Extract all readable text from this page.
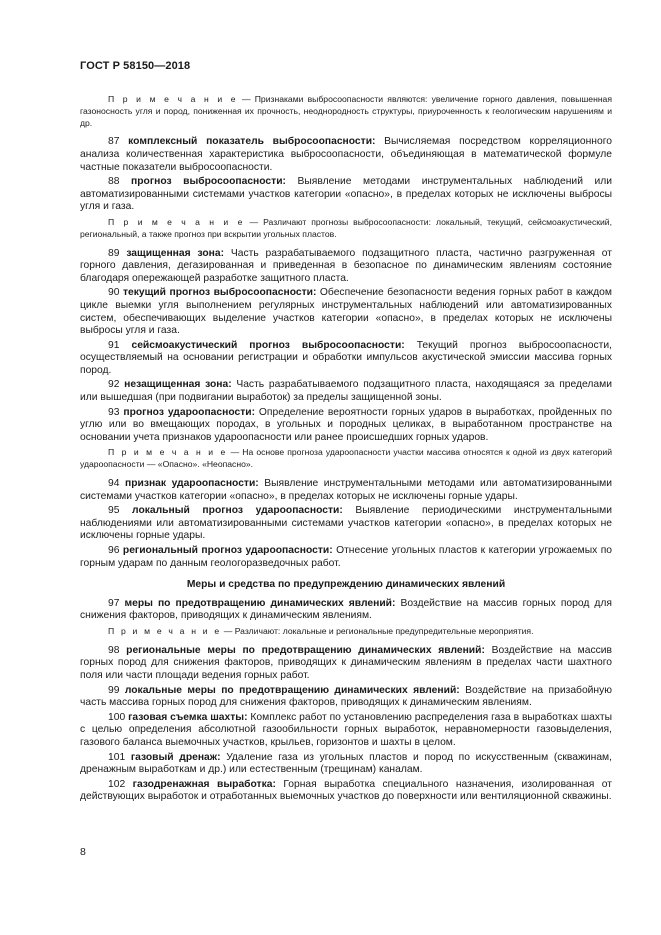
ГОСТ Р 58150—2018

П р и м е ч а н и е — Признаками выбросоопасности являются: увеличение горного давления, повышенная газоносность угля и пород, пониженная их прочность, неоднородность структуры, приуроченность к геологическим нарушениям и др.

87 комплексный показатель выбросоопасности: Вычисляемая посредством корреляционного анализа количественная характеристика выбросоопасности, объединяющая в математической формуле частные показатели выбросоопасности.

88 прогноз выбросоопасности: Выявление методами инструментальных наблюдений или автоматизированными системами участков категории «опасно», в пределах которых не исключены выбросы угля и газа.

П р и м е ч а н и е — Различают прогнозы выбросоопасности: локальный, текущий, сейсмоакустический, региональный, а также прогноз при вскрытии угольных пластов.

89 защищенная зона: Часть разрабатываемого подзащитного пласта, частично разгруженная от горного давления, дегазированная и приведенная в безопасное по динамическим явлениям состояние благодаря опережающей разработке защитного пласта.

90 текущий прогноз выбросоопасности: Обеспечение безопасности ведения горных работ в каждом цикле выемки угля выполнением регулярных инструментальных наблюдений или автоматизированных систем, обеспечивающих выделение участков категории «опасно», в пределах которых не исключены выбросы угля и газа.

91 сейсмоакустический прогноз выбросоопасности: Текущий прогноз выбросоопасности, осуществляемый на основании регистрации и обработки импульсов акустической эмиссии массива горных пород.

92 незащищенная зона: Часть разрабатываемого подзащитного пласта, находящаяся за пределами или вышедшая (при подвигании выработок) за пределы защищенной зоны.

93 прогноз удароопасности: Определение вероятности горных ударов в выработках, пройденных по углю или во вмещающих породах, в угольных и породных целиках, в выработанном пространстве на основании учета признаков удароопасности или ранее происшедших горных ударов.

П р и м е ч а н и е — На основе прогноза удароопасности участки массива относятся к одной из двух категорий удароопасности — «Опасно». «Неопасно».

94 признак удароопасности: Выявление инструментальными методами или автоматизированными системами участков категории «опасно», в пределах которых не исключены горные удары.

95 локальный прогноз удароопасности: Выявление периодическими инструментальными наблюдениями или автоматизированными системами участков категории «опасно», в пределах которых не исключены горные удары.

96 региональный прогноз удароопасности: Отнесение угольных пластов к категории угрожаемых по горным ударам по данным геологоразведочных работ.

Меры и средства по предупреждению динамических явлений

97 меры по предотвращению динамических явлений: Воздействие на массив горных пород для снижения факторов, приводящих к динамическим явлениям.

П р и м е ч а н и е — Различают: локальные и региональные предупредительные мероприятия.

98 региональные меры по предотвращению динамических явлений: Воздействие на массив горных пород для снижения факторов, приводящих к динамическим явлениям в пределах части шахтного поля или части площади ведения горных работ.

99 локальные меры по предотвращению динамических явлений: Воздействие на призабойную часть массива горных пород для снижения факторов, приводящих к динамическим явлениям.

100 газовая съемка шахты: Комплекс работ по установлению распределения газа в выработках шахты с целью определения абсолютной газообильности горных выработок, неравномерности газовыделения, газового баланса выемочных участков, крыльев, горизонтов и шахты в целом.

101 газовый дренаж: Удаление газа из угольных пластов и пород по искусственным (скважинам, дренажным выработкам и др.) или естественным (трещинам) каналам.

102 газодренажная выработка: Горная выработка специального назначения, изолированная от действующих выработок и отработанных выемочных участков до поверхности или вентиляционной скважины.

8
